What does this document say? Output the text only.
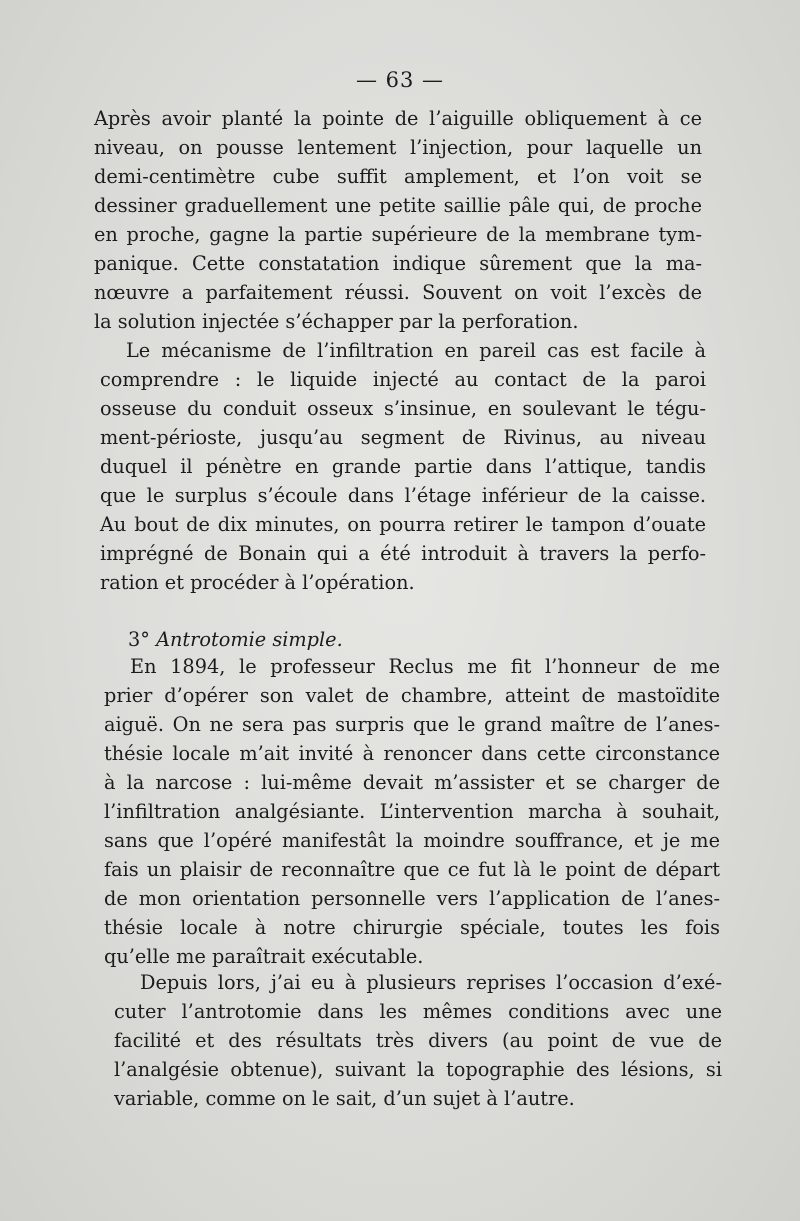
— 63 —
Après avoir planté la pointe de l’aiguille obliquement à ce
niveau, on pousse lentement l’injection, pour laquelle un
demi-centimètre cube suffit amplement, et l’on voit se
dessiner graduellement une petite saillie pâle qui, de proche
en proche, gagne la partie supérieure de la membrane tym-
panique. Cette constatation indique sûrement que la ma-
nœuvre a parfaitement réussi. Souvent on voit l’excès de
la solution injectée s’échapper par la perforation.
Le mécanisme de l’infiltration en pareil cas est facile à
comprendre : le liquide injecté au contact de la paroi
osseuse du conduit osseux s’insinue, en soulevant le tégu-
ment-périoste, jusqu’au segment de Rivinus, au niveau
duquel il pénètre en grande partie dans l’attique, tandis
que le surplus s’écoule dans l’étage inférieur de la caisse.
Au bout de dix minutes, on pourra retirer le tampon d’ouate
imprégné de Bonain qui a été introduit à travers la perfo-
ration et procéder à l’opération.
3° Antrotomie simple.
En 1894, le professeur Reclus me fit l’honneur de me
prier d’opérer son valet de chambre, atteint de mastoïdite
aiguë. On ne sera pas surpris que le grand maître de l’anes-
thésie locale m’ait invité à renoncer dans cette circonstance
à la narcose : lui-même devait m’assister et se charger de
l’infiltration analgésiante. L’intervention marcha à souhait,
sans que l’opéré manifestât la moindre souffrance, et je me
fais un plaisir de reconnaître que ce fut là le point de départ
de mon orientation personnelle vers l’application de l’anes-
thésie locale à notre chirurgie spéciale, toutes les fois
qu’elle me paraîtrait exécutable.
Depuis lors, j’ai eu à plusieurs reprises l’occasion d’exé-
cuter l’antrotomie dans les mêmes conditions avec une
facilité et des résultats très divers (au point de vue de
l’analgésie obtenue), suivant la topographie des lésions, si
variable, comme on le sait, d’un sujet à l’autre.
